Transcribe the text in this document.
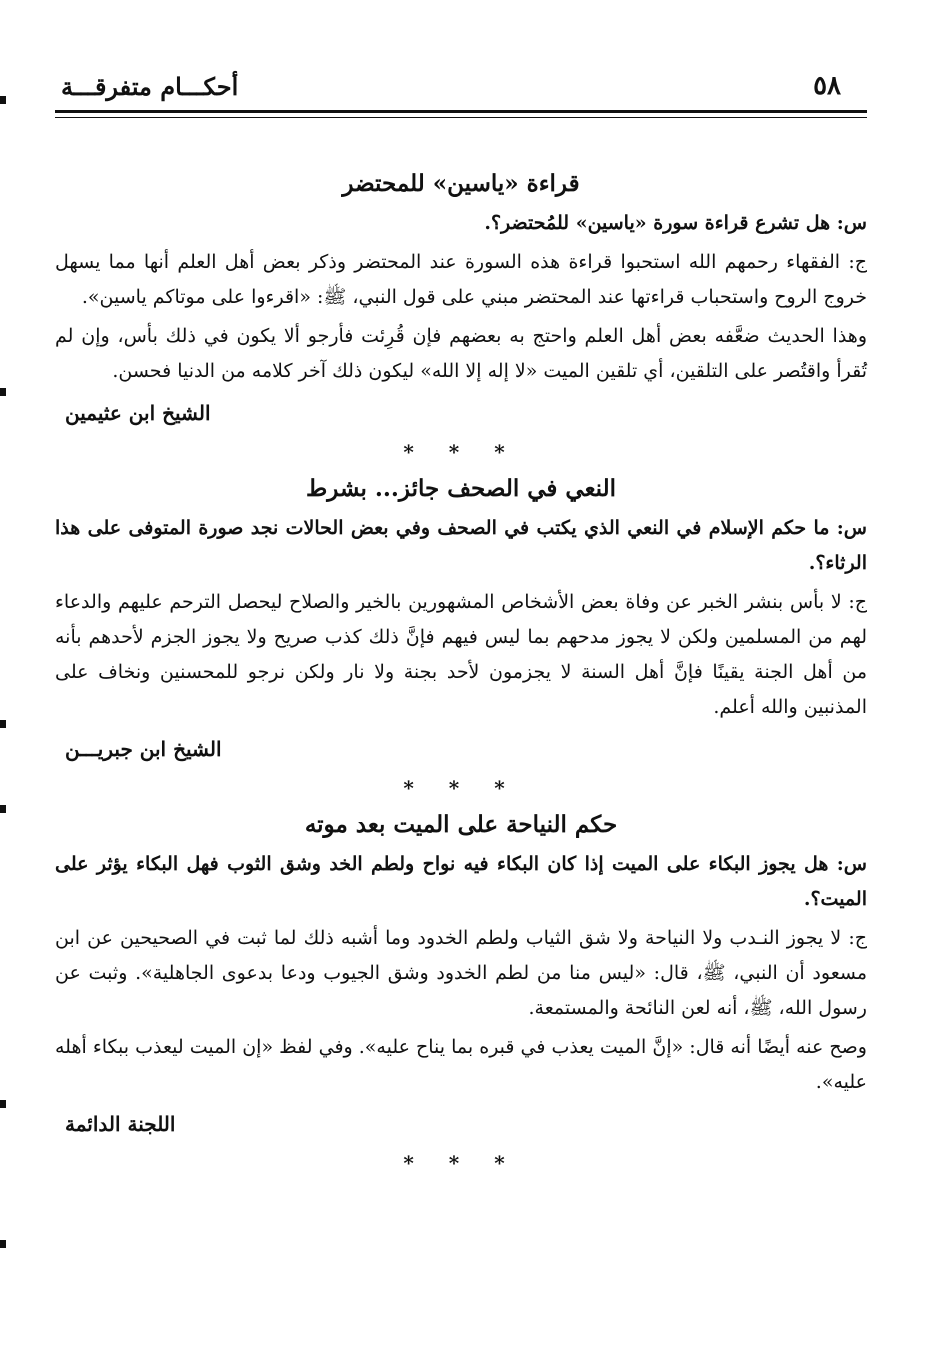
٥٨
أحكـــام متفرقـــة
قراءة «ياسين» للمحتضر

س: هل تشرع قراءة سورة «ياسين» للمُحتضر؟.

ج: الفقهاء رحمهم الله استحبوا قراءة هذه السورة عند المحتضر وذكر بعض أهل العلم أنها مما يسهل خروج الروح واستحباب قراءتها عند المحتضر مبني على قول النبي، ﷺ: «اقرءوا على موتاكم ياسين».

وهذا الحديث ضعَّفه بعض أهل العلم واحتج به بعضهم فإن قُرِئت فأرجو ألا يكون في ذلك بأس، وإن لم تُقرأ واقتُصر على التلقين، أي تلقين الميت «لا إله إلا الله» ليكون ذلك آخر كلامه من الدنيا فحسن.

الشيخ ابن عثيمين
* * *
النعي في الصحف جائز... بشرط

س: ما حكم الإسلام في النعي الذي يكتب في الصحف وفي بعض الحالات نجد صورة المتوفى على هذا الرثاء؟.

ج: لا بأس بنشر الخبر عن وفاة بعض الأشخاص المشهورين بالخير والصلاح ليحصل الترحم عليهم والدعاء لهم من المسلمين ولكن لا يجوز مدحهم بما ليس فيهم فإنَّ ذلك كذب صريح ولا يجوز الجزم لأحدهم بأنه من أهل الجنة يقينًا فإنَّ أهل السنة لا يجزمون لأحد بجنة ولا نار ولكن نرجو للمحسنين ونخاف على المذنبين والله أعلم.

الشيخ ابن جبريـــن
* * *
حكم النياحة على الميت بعد موته

س: هل يجوز البكاء على الميت إذا كان البكاء فيه نواح ولطم الخد وشق الثوب فهل البكاء يؤثر على الميت؟.

ج: لا يجوز النـدب ولا النياحة ولا شق الثياب ولطم الخدود وما أشبه ذلك لما ثبت في الصحيحين عن ابن مسعود أن النبي، ﷺ، قال: «ليس منا من لطم الخدود وشق الجيوب ودعا بدعوى الجاهلية». وثبت عن رسول الله، ﷺ، أنه لعن النائحة والمستمعة.

وصح عنه أيضًا أنه قال: «إنَّ الميت يعذب في قبره بما يناح عليه». وفي لفظ «إن الميت ليعذب ببكاء أهله عليه».

اللجنة الدائمة
* * *
